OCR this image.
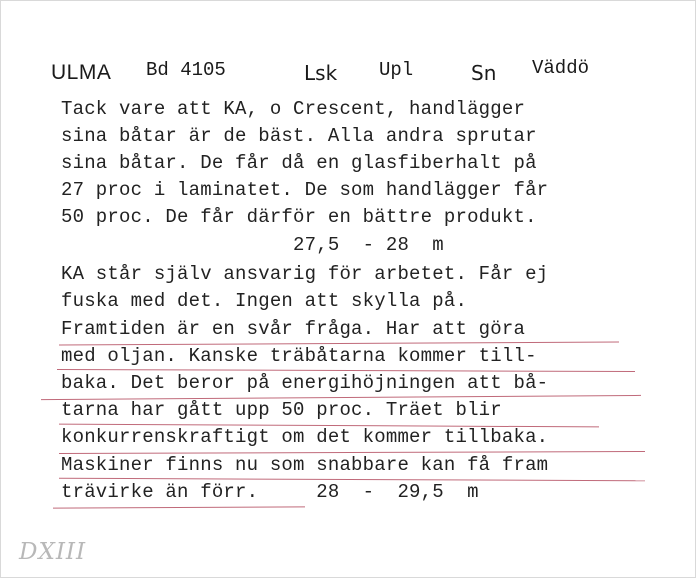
ULMA Bd 4105	Lsk Upl	Sn Väddö
Tack vare att KA, o Crescent, handlägger
sina båtar är de bäst. Alla andra sprutar
sina båtar. De får då en glasfiberhalt på
27 proc i laminatet. De som handlägger får
50 proc. De får därför en bättre produkt.
27,5  - 28  m
KA står själv ansvarig för arbetet. Får ej
fuska med det. Ingen att skylla på.
Framtiden är en svår fråga. Har att göra
med oljan. Kanske träbåtarna kommer till-
baka. Det beror på energihöjningen att bå-
tarna har gått upp 50 proc. Träet blir
konkurrenskraftigt om det kommer tillbaka.
Maskiner finns nu som snabbare kan få fram
trävirke än förr.     28  -  29,5  m
DXIII
